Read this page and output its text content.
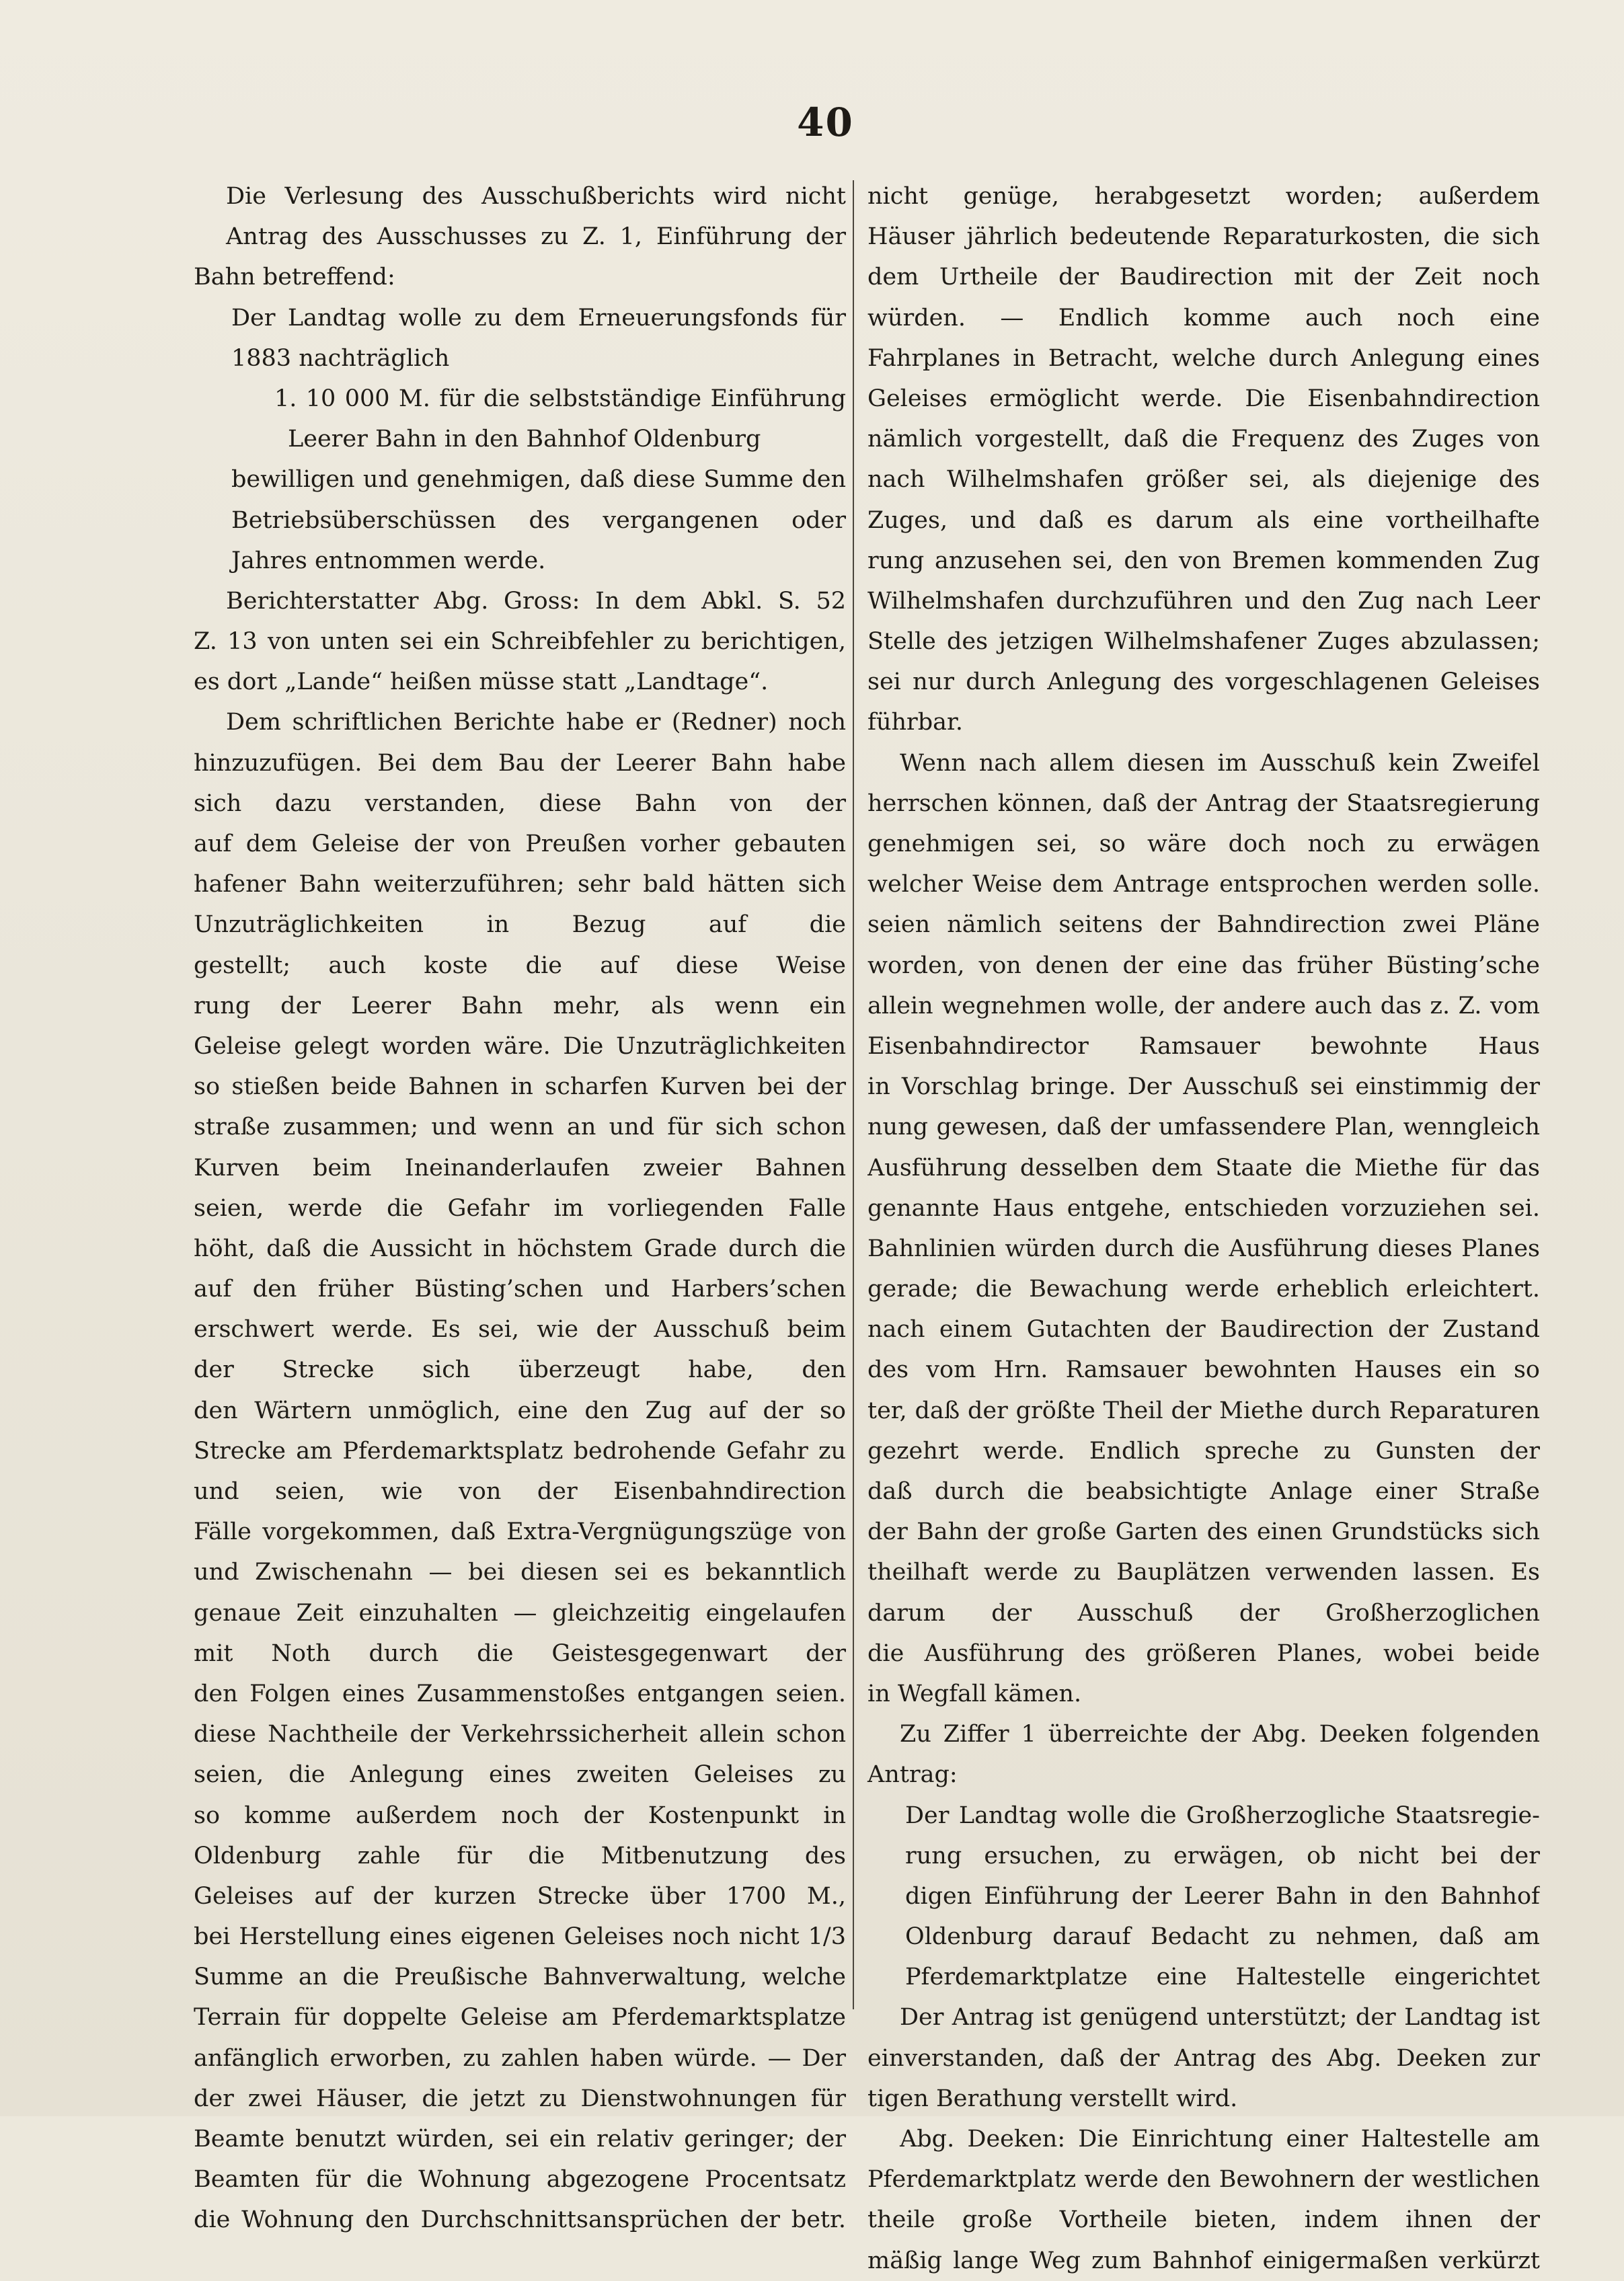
40
Die Verlesung des Ausschußberichts wird nicht
Antrag des Ausschusses zu Z. 1, Einführung der
Bahn betreffend:
Der Landtag wolle zu dem Erneuerungsfonds für
1883 nachträglich
1. 10 000 M. für die selbstständige Einführung
Leerer Bahn in den Bahnhof Oldenburg
bewilligen und genehmigen, daß diese Summe den
Betriebsüberschüssen des vergangenen oder
Jahres entnommen werde.
Berichterstatter Abg. Gross: In dem Abkl. S. 52
Z. 13 von unten sei ein Schreibfehler zu berichtigen,
es dort „Lande“ heißen müsse statt „Landtage“.
Dem schriftlichen Berichte habe er (Redner) noch
hinzuzufügen. Bei dem Bau der Leerer Bahn habe
sich dazu verstanden, diese Bahn von der
auf dem Geleise der von Preußen vorher gebauten
hafener Bahn weiterzuführen; sehr bald hätten sich
Unzuträglichkeiten in Bezug auf die
gestellt; auch koste die auf diese Weise
rung der Leerer Bahn mehr, als wenn ein
Geleise gelegt worden wäre. Die Unzuträglichkeiten
so stießen beide Bahnen in scharfen Kurven bei der
straße zusammen; und wenn an und für sich schon
Kurven beim Ineinanderlaufen zweier Bahnen
seien, werde die Gefahr im vorliegenden Falle
höht, daß die Aussicht in höchstem Grade durch die
auf den früher Büsting’schen und Harbers’schen
erschwert werde. Es sei, wie der Ausschuß beim
der Strecke sich überzeugt habe, den
den Wärtern unmöglich, eine den Zug auf der so
Strecke am Pferdemarktsplatz bedrohende Gefahr zu
und seien, wie von der Eisenbahndirection
Fälle vorgekommen, daß Extra-Vergnügungszüge von
und Zwischenahn — bei diesen sei es bekanntlich
genaue Zeit einzuhalten — gleichzeitig eingelaufen
mit Noth durch die Geistesgegenwart der
den Folgen eines Zusammenstoßes entgangen seien.
diese Nachtheile der Verkehrssicherheit allein schon
seien, die Anlegung eines zweiten Geleises zu
so komme außerdem noch der Kostenpunkt in
Oldenburg zahle für die Mitbenutzung des
Geleises auf der kurzen Strecke über 1700 M.,
bei Herstellung eines eigenen Geleises noch nicht 1/3
Summe an die Preußische Bahnverwaltung, welche
Terrain für doppelte Geleise am Pferdemarktsplatze
anfänglich erworben, zu zahlen haben würde. — Der
der zwei Häuser, die jetzt zu Dienstwohnungen für
Beamte benutzt würden, sei ein relativ geringer; der
Beamten für die Wohnung abgezogene Procentsatz
die Wohnung den Durchschnittsansprüchen der betr.
nicht genüge, herabgesetzt worden; außerdem
Häuser jährlich bedeutende Reparaturkosten, die sich
dem Urtheile der Baudirection mit der Zeit noch
würden. — Endlich komme auch noch eine
Fahrplanes in Betracht, welche durch Anlegung eines
Geleises ermöglicht werde. Die Eisenbahndirection
nämlich vorgestellt, daß die Frequenz des Zuges von
nach Wilhelmshafen größer sei, als diejenige des
Zuges, und daß es darum als eine vortheilhafte
rung anzusehen sei, den von Bremen kommenden Zug
Wilhelmshafen durchzuführen und den Zug nach Leer
Stelle des jetzigen Wilhelmshafener Zuges abzulassen;
sei nur durch Anlegung des vorgeschlagenen Geleises
führbar.
Wenn nach allem diesen im Ausschuß kein Zweifel
herrschen können, daß der Antrag der Staatsregierung
genehmigen sei, so wäre doch noch zu erwägen
welcher Weise dem Antrage entsprochen werden solle.
seien nämlich seitens der Bahndirection zwei Pläne
worden, von denen der eine das früher Büsting’sche
allein wegnehmen wolle, der andere auch das z. Z. vom
Eisenbahndirector Ramsauer bewohnte Haus
in Vorschlag bringe. Der Ausschuß sei einstimmig der
nung gewesen, daß der umfassendere Plan, wenngleich
Ausführung desselben dem Staate die Miethe für das
genannte Haus entgehe, entschieden vorzuziehen sei.
Bahnlinien würden durch die Ausführung dieses Planes
gerade; die Bewachung werde erheblich erleichtert.
nach einem Gutachten der Baudirection der Zustand
des vom Hrn. Ramsauer bewohnten Hauses ein so
ter, daß der größte Theil der Miethe durch Reparaturen
gezehrt werde. Endlich spreche zu Gunsten der
daß durch die beabsichtigte Anlage einer Straße
der Bahn der große Garten des einen Grundstücks sich
theilhaft werde zu Bauplätzen verwenden lassen. Es
darum der Ausschuß der Großherzoglichen
die Ausführung des größeren Planes, wobei beide
in Wegfall kämen.
Zu Ziffer 1 überreichte der Abg. Deeken folgenden
Antrag:
Der Landtag wolle die Großherzogliche Staatsregie-
rung ersuchen, zu erwägen, ob nicht bei der
digen Einführung der Leerer Bahn in den Bahnhof
Oldenburg darauf Bedacht zu nehmen, daß am
Pferdemarktplatze eine Haltestelle eingerichtet
Der Antrag ist genügend unterstützt; der Landtag ist
einverstanden, daß der Antrag des Abg. Deeken zur
tigen Berathung verstellt wird.
Abg. Deeken: Die Einrichtung einer Haltestelle am
Pferdemarktplatz werde den Bewohnern der westlichen
theile große Vortheile bieten, indem ihnen der
mäßig lange Weg zum Bahnhof einigermaßen verkürzt
